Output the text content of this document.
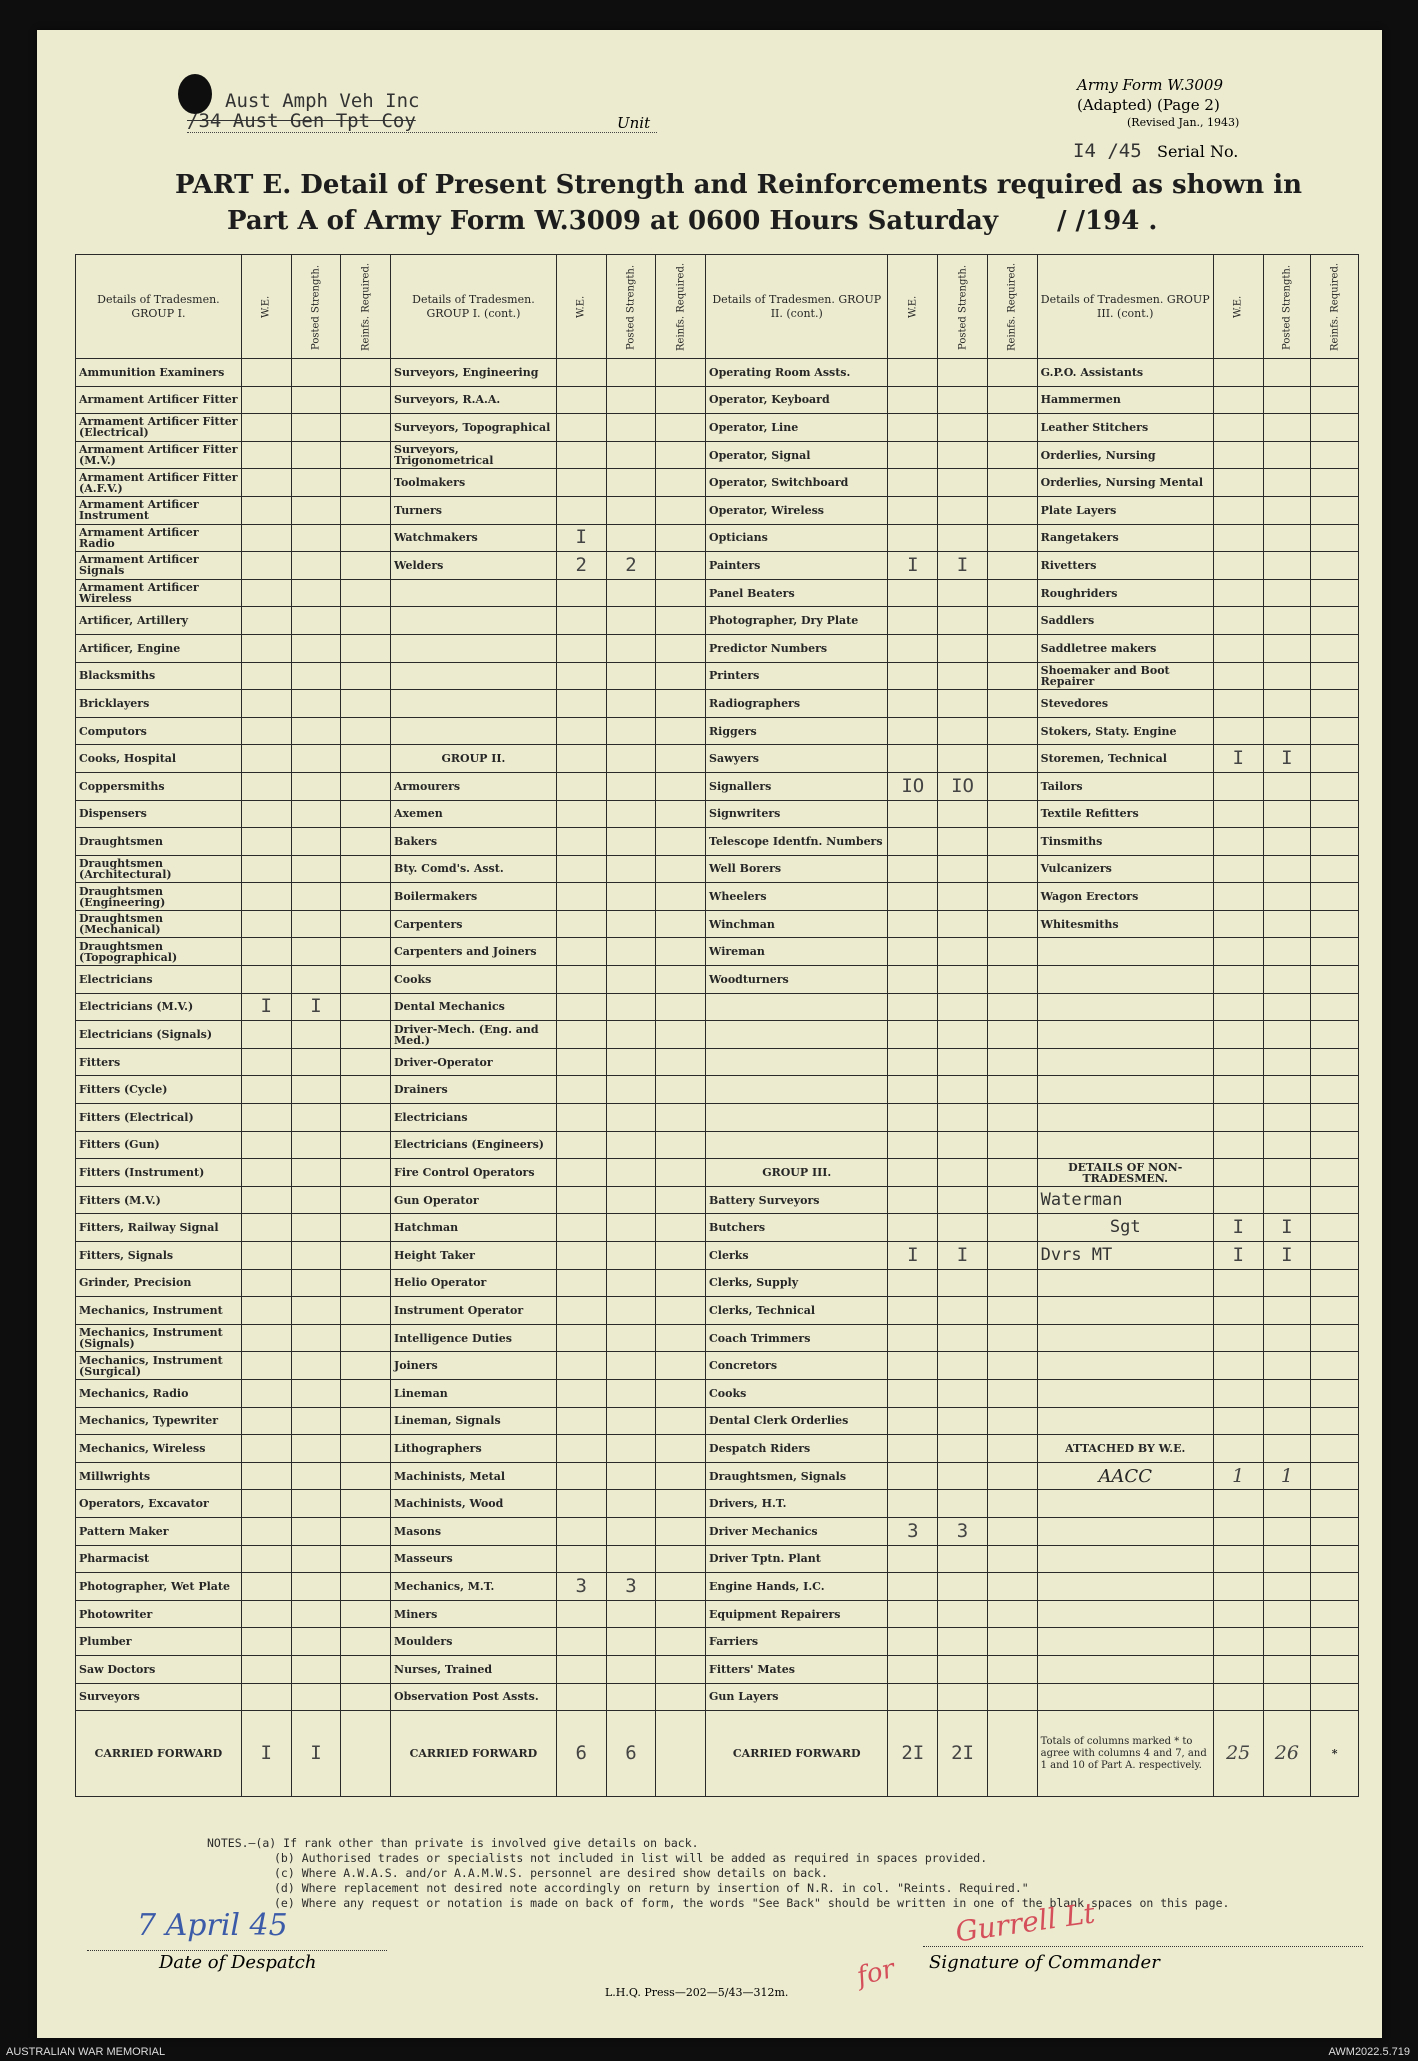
Aust Amph Veh Inc
/34 Aust Gen Tpt Coy	Unit
Army Form W.3009
(Adapted) (Page 2)
(Revised Jan., 1943)
I4 /45 Serial No.
PART E. Detail of Present Strength and Reinforcements required as shown in
Part A of Army Form W.3009 at 0600 Hours Saturday / /194 .
Details of Tradesmen. GROUP I.	W.E.	Posted Strength.	Reinfs. Required.	Details of Tradesmen. GROUP I. (cont.)	W.E.	Posted Strength.	Reinfs. Required.	Details of Tradesmen. GROUP II. (cont.)	W.E.	Posted Strength.	Reinfs. Required.	Details of Tradesmen. GROUP III. (cont.)	W.E.	Posted Strength.	Reinfs. Required.
Ammunition Examiners				Surveyors, Engineering				Operating Room Assts.				G.P.O. Assistants			
Armament Artificer Fitter				Surveyors, R.A.A.				Operator, Keyboard				Hammermen			
Armament Artificer Fitter (Electrical)				Surveyors, Topographical				Operator, Line				Leather Stitchers			
Armament Artificer Fitter (M.V.)				Surveyors, Trigonometrical				Operator, Signal				Orderlies, Nursing			
Armament Artificer Fitter (A.F.V.)				Toolmakers				Operator, Switchboard				Orderlies, Nursing Mental			
Armament Artificer Instrument				Turners				Operator, Wireless				Plate Layers			
Armament Artificer Radio				Watchmakers	I			Opticians				Rangetakers			
Armament Artificer Signals				Welders	2	2		Painters	I	I		Rivetters			
Armament Artificer Wireless								Panel Beaters				Roughriders			
Artificer, Artillery								Photographer, Dry Plate				Saddlers			
Artificer, Engine								Predictor Numbers				Saddletree makers			
Blacksmiths								Printers				Shoemaker and Boot Repairer			
Bricklayers								Radiographers				Stevedores			
Computors								Riggers				Stokers, Staty. Engine			
Cooks, Hospital				GROUP II.				Sawyers				Storemen, Technical	I	I	
Coppersmiths				Armourers				Signallers	IO	IO		Tailors			
Dispensers				Axemen				Signwriters				Textile Refitters			
Draughtsmen				Bakers				Telescope Identfn. Numbers				Tinsmiths			
Draughtsmen (Architectural)				Bty. Comd's. Asst.				Well Borers				Vulcanizers			
Draughtsmen (Engineering)				Boilermakers				Wheelers				Wagon Erectors			
Draughtsmen (Mechanical)				Carpenters				Winchman				Whitesmiths			
Draughtsmen (Topographical)				Carpenters and Joiners				Wireman							
Electricians				Cooks				Woodturners							
Electricians (M.V.)	I	I		Dental Mechanics											
Electricians (Signals)				Driver-Mech. (Eng. and Med.)											
Fitters				Driver-Operator											
Fitters (Cycle)				Drainers											
Fitters (Electrical)				Electricians											
Fitters (Gun)				Electricians (Engineers)											
Fitters (Instrument)				Fire Control Operators				GROUP III.				DETAILS OF NON-TRADESMEN.			
Fitters (M.V.)				Gun Operator				Battery Surveyors				Waterman			
Fitters, Railway Signal				Hatchman				Butchers				Sgt	I	I	
Fitters, Signals				Height Taker				Clerks	I	I		Dvrs MT	I	I	
Grinder, Precision				Helio Operator				Clerks, Supply							
Mechanics, Instrument				Instrument Operator				Clerks, Technical							
Mechanics, Instrument (Signals)				Intelligence Duties				Coach Trimmers							
Mechanics, Instrument (Surgical)				Joiners				Concretors							
Mechanics, Radio				Lineman				Cooks							
Mechanics, Typewriter				Lineman, Signals				Dental Clerk Orderlies							
Mechanics, Wireless				Lithographers				Despatch Riders				ATTACHED BY W.E.			
Millwrights				Machinists, Metal				Draughtsmen, Signals				AACC	1	1	
Operators, Excavator				Machinists, Wood				Drivers, H.T.							
Pattern Maker				Masons				Driver Mechanics	3	3					
Pharmacist				Masseurs				Driver Tptn. Plant							
Photographer, Wet Plate				Mechanics, M.T.	3	3		Engine Hands, I.C.							
Photowriter				Miners				Equipment Repairers							
Plumber				Moulders				Farriers							
Saw Doctors				Nurses, Trained				Fitters' Mates							
Surveyors				Observation Post Assts.				Gun Layers							
CARRIED FORWARD	I	I		CARRIED FORWARD	6	6		CARRIED FORWARD	2I	2I		Totals of columns marked * to agree with columns 4 and 7, and 1 and 10 of Part A. respectively.	25	26	*
NOTES.—(a) If rank other than private is involved give details on back.
(b) Authorised trades or specialists not included in list will be added as required in spaces provided.
(c) Where A.W.A.S. and/or A.A.M.W.S. personnel are desired show details on back.
(d) Where replacement not desired note accordingly on return by insertion of N.R. in col. "Reints. Required."
(e) Where any request or notation is made on back of form, the words "See Back" should be written in one of the blank spaces on this page.
7 April 45
Date of Despatch
Gurrell Lt
for Signature of Commander
L.H.Q. Press—202—5/43—312m.
AUSTRALIAN WAR MEMORIAL	AWM2022.5.719
